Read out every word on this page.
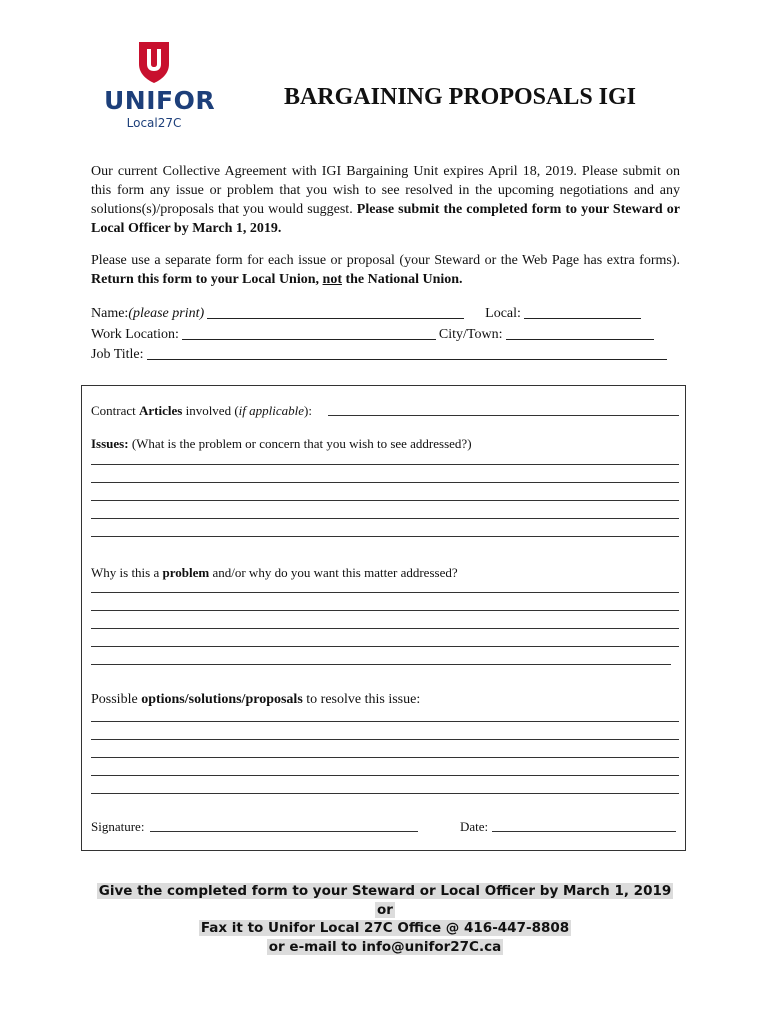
UNIFOR
Local27C
BARGAINING PROPOSALS IGI

Our current Collective Agreement with IGI Bargaining Unit expires April 18, 2019. Please submit on this form any issue or problem that you wish to see resolved in the upcoming negotiations and any solutions(s)/proposals that you would suggest. Please submit the completed form to your Steward or Local Officer by March 1, 2019.

Please use a separate form for each issue or proposal (your Steward or the Web Page has extra forms). Return this form to your Local Union, not the National Union.

Name: (please print)	Local:
Work Location:	City/Town:
Job Title:
Contract Articles involved (if applicable):
Issues: (What is the problem or concern that you wish to see addressed?)
Why is this a problem and/or why do you want this matter addressed?
Possible options/solutions/proposals to resolve this issue:
Signature:	Date:
Give the completed form to your Steward or Local Officer by March 1, 2019
or
Fax it to Unifor Local 27C Office @ 416-447-8808
or e-mail to info@unifor27C.ca
